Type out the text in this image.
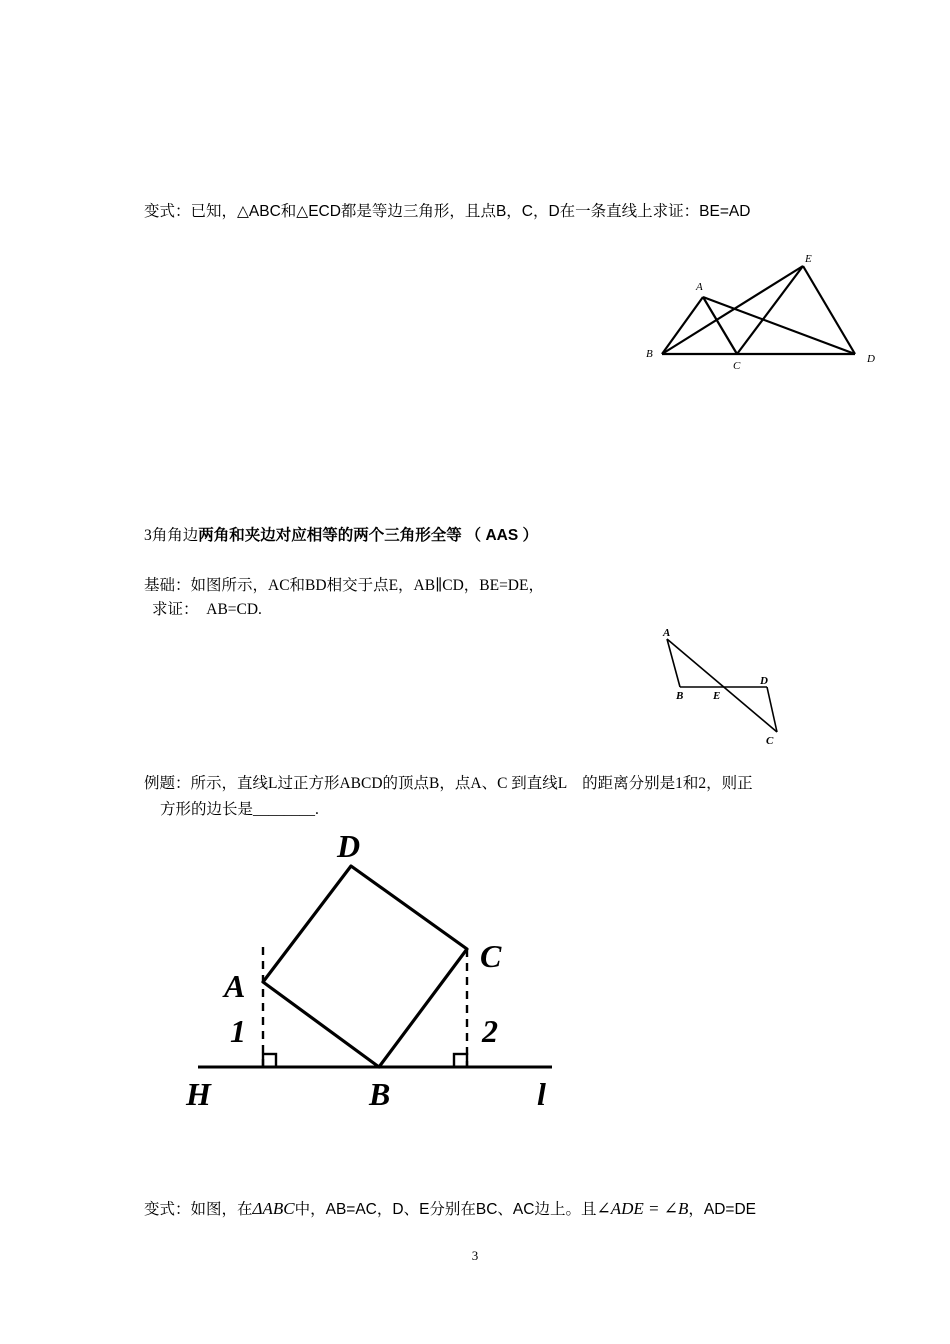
变式：已知，△ABC和△ECD都是等边三角形，且点B，C，D在一条直线上求证：BE=AD
A
B
C
D
E
3角角边两角和夹边对应相等的两个三角形全等 （ AAS ）
基础：如图所示，AC和BD相交于点E，AB∥CD，BE=DE，
求证：　AB=CD.
A
B	E
D
C
例题：所示，直线L过正方形ABCD的顶点B，点A、C 到直线L　的距离分别是1和2，则正
方形的边长是________.
D
C
A
1	2
H	B	l
变式：如图，在ΔABC中，AB=AC，D、E分别在BC、AC边上。且∠ADE = ∠B，AD=DE
3
